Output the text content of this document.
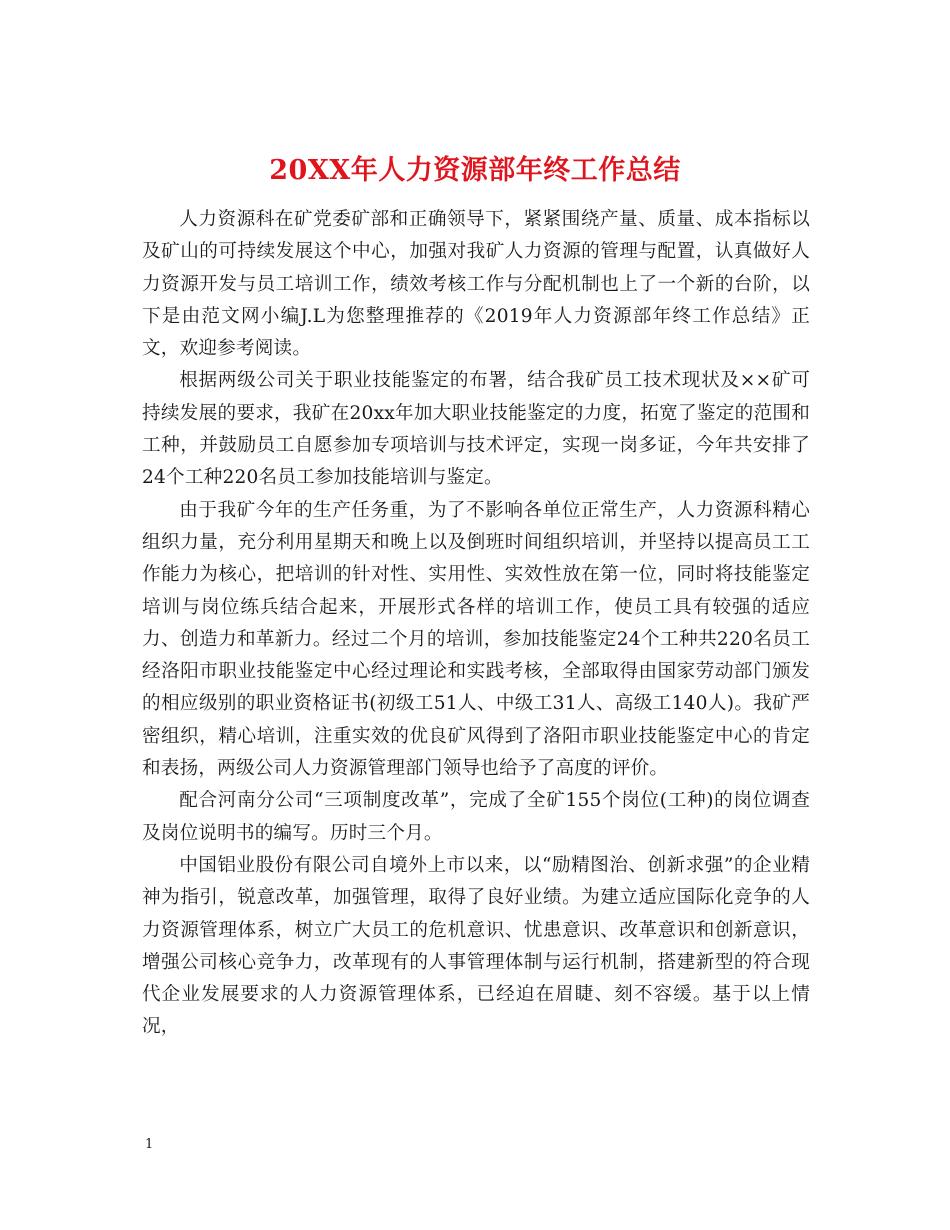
20XX年人力资源部年终工作总结

人力资源科在矿党委矿部和正确领导下，紧紧围绕产量、质量、成本指标以及矿山的可持续发展这个中心，加强对我矿人力资源的管理与配置，认真做好人力资源开发与员工培训工作，绩效考核工作与分配机制也上了一个新的台阶，以下是由范文网小编J.L为您整理推荐的《2019年人力资源部年终工作总结》正文，欢迎参考阅读。

根据两级公司关于职业技能鉴定的布署，结合我矿员工技术现状及××矿可持续发展的要求，我矿在20xx年加大职业技能鉴定的力度，拓宽了鉴定的范围和工种，并鼓励员工自愿参加专项培训与技术评定，实现一岗多证，今年共安排了24个工种220名员工参加技能培训与鉴定。

由于我矿今年的生产任务重，为了不影响各单位正常生产，人力资源科精心组织力量，充分利用星期天和晚上以及倒班时间组织培训，并坚持以提高员工工作能力为核心，把培训的针对性、实用性、实效性放在第一位，同时将技能鉴定培训与岗位练兵结合起来，开展形式各样的培训工作，使员工具有较强的适应力、创造力和革新力。经过二个月的培训，参加技能鉴定24个工种共220名员工经洛阳市职业技能鉴定中心经过理论和实践考核，全部取得由国家劳动部门颁发的相应级别的职业资格证书(初级工51人、中级工31人、高级工140人)。我矿严密组织，精心培训，注重实效的优良矿风得到了洛阳市职业技能鉴定中心的肯定和表扬，两级公司人力资源管理部门领导也给予了高度的评价。

配合河南分公司“三项制度改革”，完成了全矿155个岗位(工种)的岗位调查及岗位说明书的编写。历时三个月。

中国铝业股份有限公司自境外上市以来，以“励精图治、创新求强”的企业精神为指引，锐意改革，加强管理，取得了良好业绩。为建立适应国际化竞争的人力资源管理体系，树立广大员工的危机意识、忧患意识、改革意识和创新意识，增强公司核心竞争力，改革现有的人事管理体制与运行机制，搭建新型的符合现代企业发展要求的人力资源管理体系，已经迫在眉睫、刻不容缓。基于以上情况，

1
